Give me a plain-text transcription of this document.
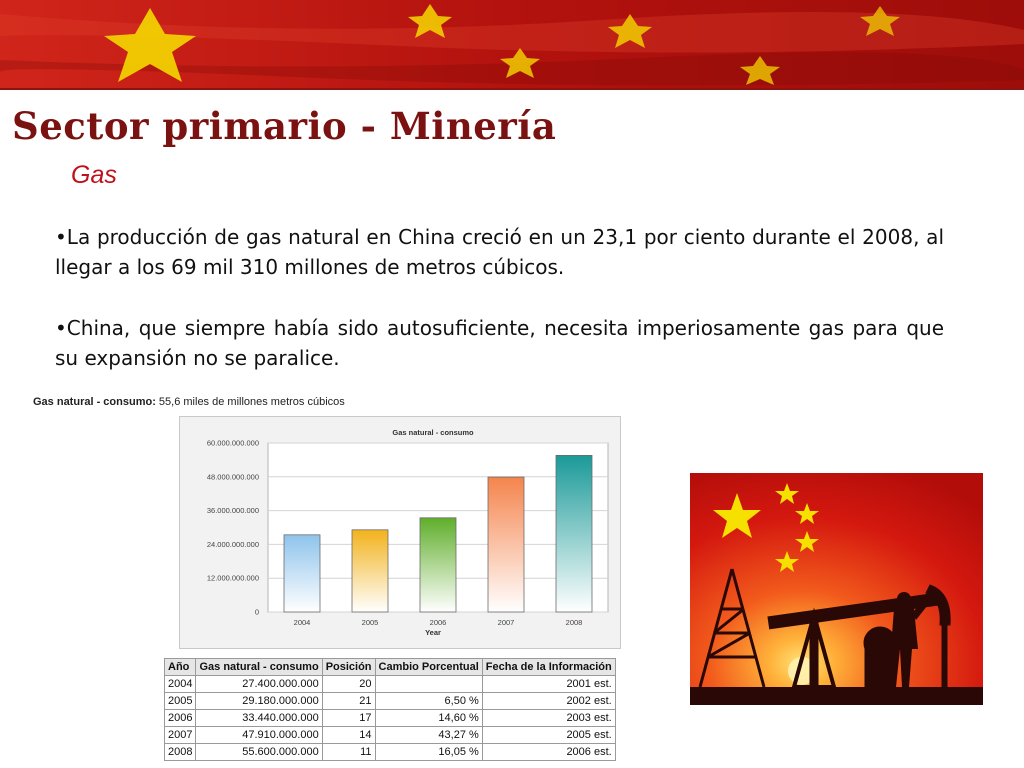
Sector primario - Minería
Gas

•La producción de gas natural en China creció en un 23,1 por ciento durante el 2008, al llegar a los 69 mil 310 millones de metros cúbicos.

•China, que siempre había sido autosuficiente, necesita imperiosamente gas para que su expansión no se paralice.

Gas natural - consumo: 55,6 miles de millones metros cúbicos
Gas natural - consumo
0
12.000.000.000
24.000.000.000
36.000.000.000
48.000.000.000
60.000.000.000
2004	2005	2006	2007	2008
Year
Año	Gas natural - consumo	Posición	Cambio Porcentual	Fecha de la Información
2004	27.400.000.000	20		2001 est.
2005	29.180.000.000	21	6,50 %	2002 est.
2006	33.440.000.000	17	14,60 %	2003 est.
2007	47.910.000.000	14	43,27 %	2005 est.
2008	55.600.000.000	11	16,05 %	2006 est.
